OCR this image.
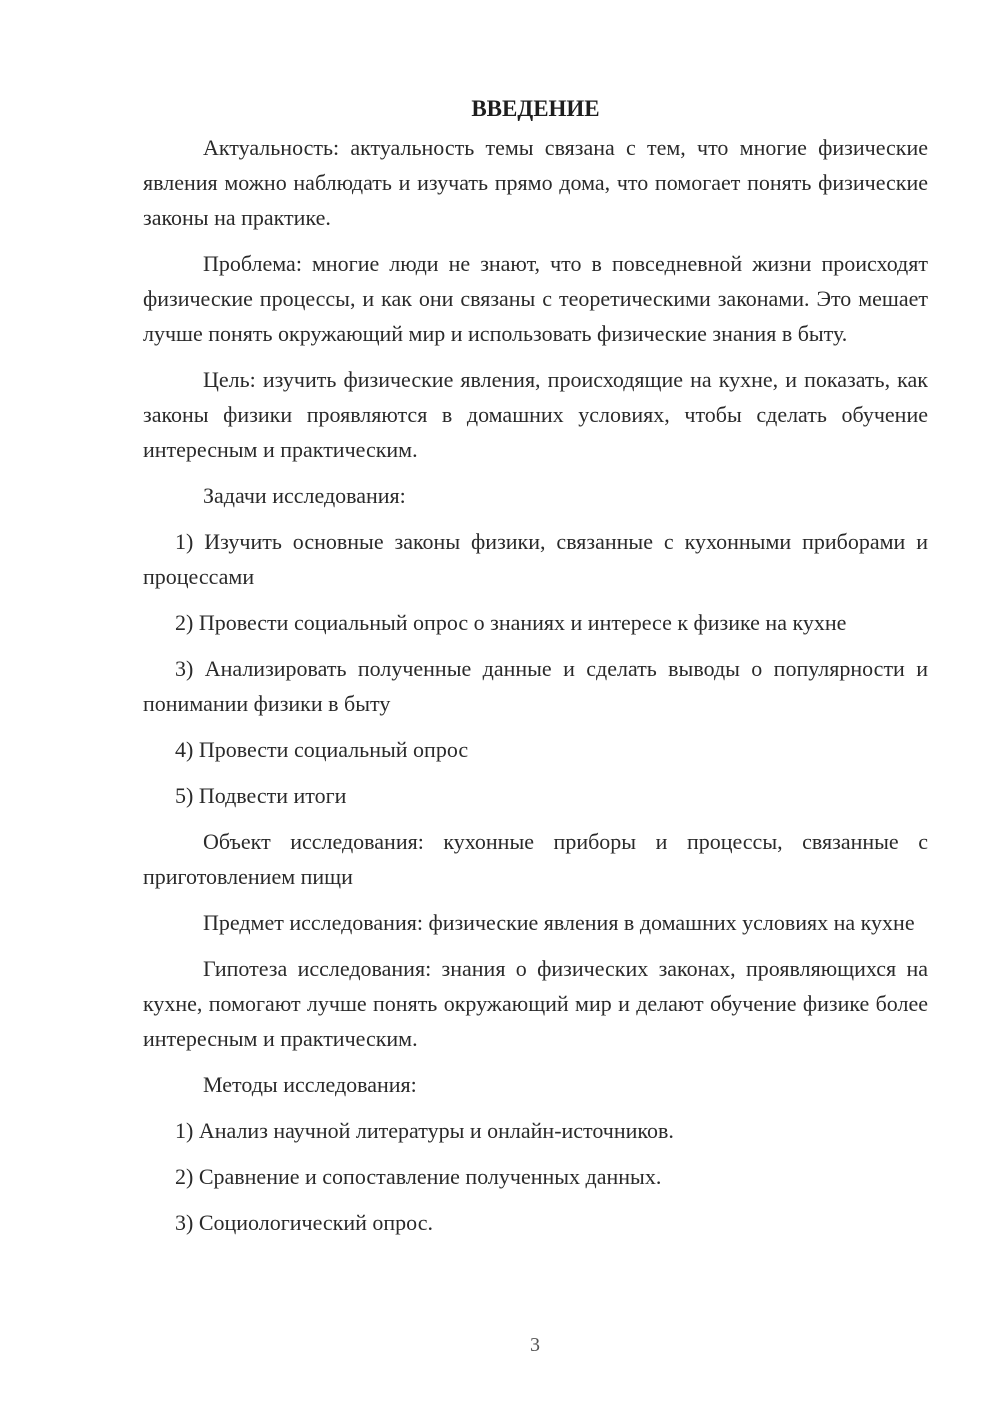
ВВЕДЕНИЕ

Актуальность: актуальность темы связана с тем, что многие физические явления можно наблюдать и изучать прямо дома, что помогает понять физические законы на практике.

Проблема: многие люди не знают, что в повседневной жизни происходят физические процессы, и как они связаны с теоретическими законами. Это мешает лучше понять окружающий мир и использовать физические знания в быту.

Цель: изучить физические явления, происходящие на кухне, и показать, как законы физики проявляются в домашних условиях, чтобы сделать обучение интересным и практическим.

Задачи исследования:

1) Изучить основные законы физики, связанные с кухонными приборами и процессами

2) Провести социальный опрос о знаниях и интересе к физике на кухне

3) Анализировать полученные данные и сделать выводы о популярности и понимании физики в быту

4) Провести социальный опрос

5) Подвести итоги

Объект исследования: кухонные приборы и процессы, связанные с приготовлением пищи

Предмет исследования: физические явления в домашних условиях на кухне

Гипотеза исследования: знания о физических законах, проявляющихся на кухне, помогают лучше понять окружающий мир и делают обучение физике более интересным и практическим.

Методы исследования:

1) Анализ научной литературы и онлайн-источников.

2) Сравнение и сопоставление полученных данных.

3) Социологический опрос.

3
